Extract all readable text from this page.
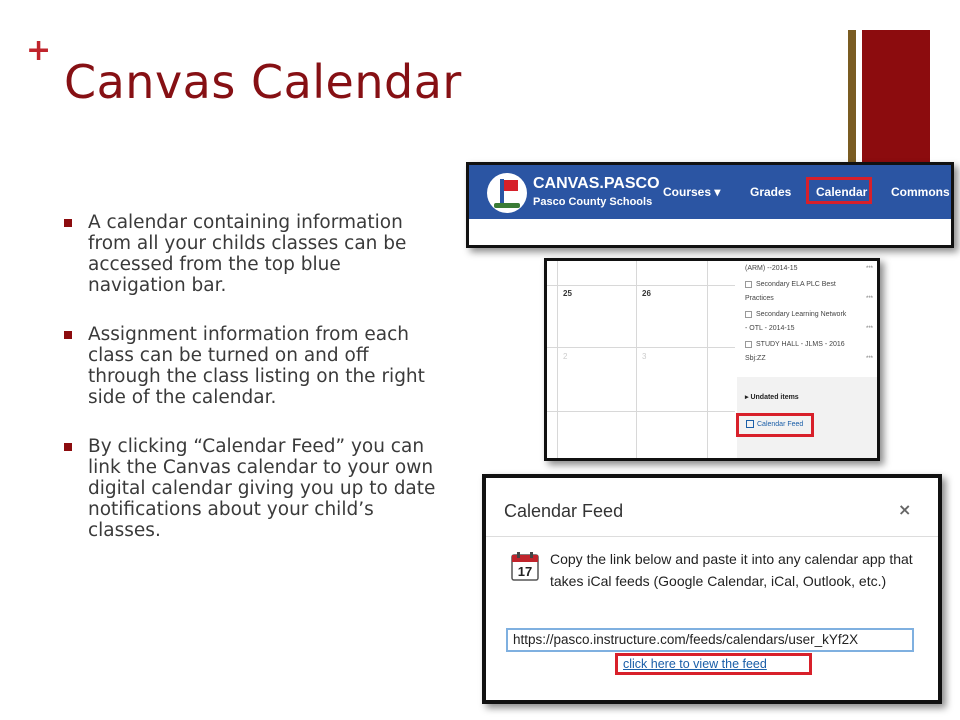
+
Canvas Calendar
A calendar containing information from all your childs classes can be accessed from the top blue navigation bar.
Assignment information from each class can be turned on and off through the class listing on the right side of the calendar.
By clicking “Calendar Feed” you can link the Canvas calendar to your own digital calendar giving you up to date notifications about your child’s classes.
CANVAS.PASCO
Pasco County Schools
Courses ▾ Grades Calendar Commons
25	26
2	3
(ARM) --2014-15	***
Secondary ELA PLC Best
Practices	***
Secondary Learning Network
- OTL - 2014-15	***
STUDY HALL - JLMS - 2016
Sbj:ZZ	***
▸ Undated items
Calendar Feed
Calendar Feed	×
17
Copy the link below and paste it into any calendar app that takes iCal feeds (Google Calendar, iCal, Outlook, etc.)
https://pasco.instructure.com/feeds/calendars/user_kYf2X
click here to view the feed
